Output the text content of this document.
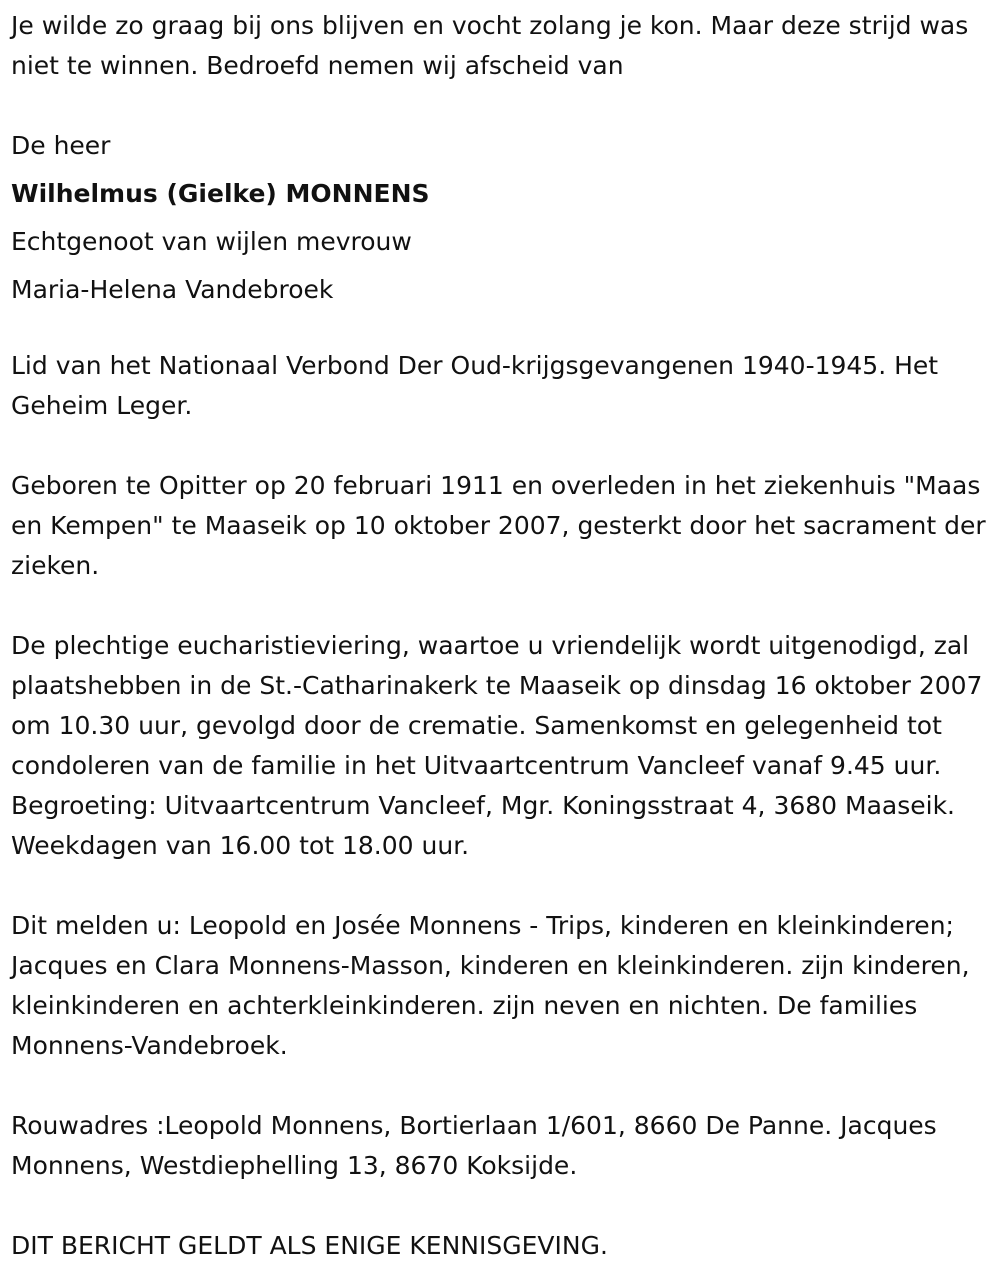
Je wilde zo graag bij ons blijven en vocht zolang je kon. Maar deze strijd was niet te winnen. Bedroefd nemen wij afscheid van

De heer
Wilhelmus (Gielke) MONNENS
Echtgenoot van wijlen mevrouw
Maria-Helena Vandebroek

Lid van het Nationaal Verbond Der Oud-krijgsgevangenen 1940-1945. Het Geheim Leger.

Geboren te Opitter op 20 februari 1911 en overleden in het ziekenhuis "Maas en Kempen" te Maaseik op 10 oktober 2007, gesterkt door het sacrament der zieken.

De plechtige eucharistieviering, waartoe u vriendelijk wordt uitgenodigd, zal plaatshebben in de St.-Catharinakerk te Maaseik op dinsdag 16 oktober 2007 om 10.30 uur, gevolgd door de crematie. Samenkomst en gelegenheid tot condoleren van de familie in het Uitvaartcentrum Vancleef vanaf 9.45 uur. Begroeting: Uitvaartcentrum Vancleef, Mgr. Koningsstraat 4, 3680 Maaseik. Weekdagen van 16.00 tot 18.00 uur.

Dit melden u: Leopold en Josée Monnens - Trips, kinderen en kleinkinderen; Jacques en Clara Monnens-Masson, kinderen en kleinkinderen. zijn kinderen, kleinkinderen en achterkleinkinderen. zijn neven en nichten. De families Monnens-Vandebroek.

Rouwadres :Leopold Monnens, Bortierlaan 1/601, 8660 De Panne. Jacques Monnens, Westdiephelling 13, 8670 Koksijde.

DIT BERICHT GELDT ALS ENIGE KENNISGEVING.
